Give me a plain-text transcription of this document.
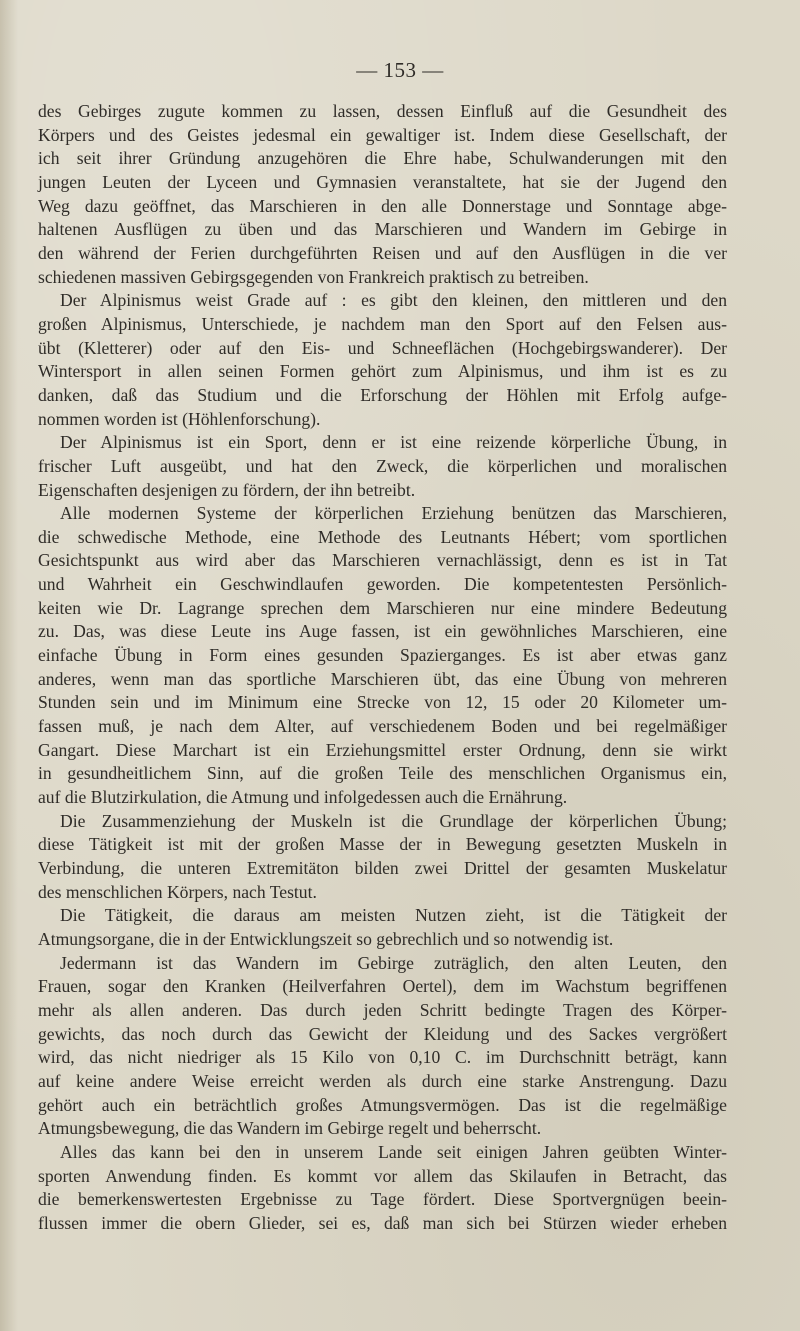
— 153 —
des Gebirges zugute kommen zu lassen, dessen Einfluß auf die Gesundheit des
Körpers und des Geistes jedesmal ein gewaltiger ist. Indem diese Gesellschaft, der
ich seit ihrer Gründung anzugehören die Ehre habe, Schulwanderungen mit den
jungen Leuten der Lyceen und Gymnasien veranstaltete, hat sie der Jugend den
Weg dazu geöffnet, das Marschieren in den alle Donnerstage und Sonntage abge-
haltenen Ausflügen zu üben und das Marschieren und Wandern im Gebirge in
den während der Ferien durchgeführten Reisen und auf den Ausflügen in die ver
schiedenen massiven Gebirgsgegenden von Frankreich praktisch zu betreiben.
Der Alpinismus weist Grade auf : es gibt den kleinen, den mittleren und den
großen Alpinismus, Unterschiede, je nachdem man den Sport auf den Felsen aus-
übt (Kletterer) oder auf den Eis- und Schneeflächen (Hochgebirgswanderer). Der
Wintersport in allen seinen Formen gehört zum Alpinismus, und ihm ist es zu
danken, daß das Studium und die Erforschung der Höhlen mit Erfolg aufge-
nommen worden ist (Höhlenforschung).
Der Alpinismus ist ein Sport, denn er ist eine reizende körperliche Übung, in
frischer Luft ausgeübt, und hat den Zweck, die körperlichen und moralischen
Eigenschaften desjenigen zu fördern, der ihn betreibt.
Alle modernen Systeme der körperlichen Erziehung benützen das Marschieren,
die schwedische Methode, eine Methode des Leutnants Hébert; vom sportlichen
Gesichtspunkt aus wird aber das Marschieren vernachlässigt, denn es ist in Tat
und Wahrheit ein Geschwindlaufen geworden. Die kompetentesten Persönlich-
keiten wie Dr. Lagrange sprechen dem Marschieren nur eine mindere Bedeutung
zu. Das, was diese Leute ins Auge fassen, ist ein gewöhnliches Marschieren, eine
einfache Übung in Form eines gesunden Spazierganges. Es ist aber etwas ganz
anderes, wenn man das sportliche Marschieren übt, das eine Übung von mehreren
Stunden sein und im Minimum eine Strecke von 12, 15 oder 20 Kilometer um-
fassen muß, je nach dem Alter, auf verschiedenem Boden und bei regelmäßiger
Gangart. Diese Marchart ist ein Erziehungsmittel erster Ordnung, denn sie wirkt
in gesundheitlichem Sinn, auf die großen Teile des menschlichen Organismus ein,
auf die Blutzirkulation, die Atmung und infolgedessen auch die Ernährung.
Die Zusammenziehung der Muskeln ist die Grundlage der körperlichen Übung;
diese Tätigkeit ist mit der großen Masse der in Bewegung gesetzten Muskeln in
Verbindung, die unteren Extremitäton bilden zwei Drittel der gesamten Muskelatur
des menschlichen Körpers, nach Testut.
Die Tätigkeit, die daraus am meisten Nutzen zieht, ist die Tätigkeit der
Atmungsorgane, die in der Entwicklungszeit so gebrechlich und so notwendig ist.
Jedermann ist das Wandern im Gebirge zuträglich, den alten Leuten, den
Frauen, sogar den Kranken (Heilverfahren Oertel), dem im Wachstum begriffenen
mehr als allen anderen. Das durch jeden Schritt bedingte Tragen des Körper-
gewichts, das noch durch das Gewicht der Kleidung und des Sackes vergrößert
wird, das nicht niedriger als 15 Kilo von 0,10 C. im Durchschnitt beträgt, kann
auf keine andere Weise erreicht werden als durch eine starke Anstrengung. Dazu
gehört auch ein beträchtlich großes Atmungsvermögen. Das ist die regelmäßige
Atmungsbewegung, die das Wandern im Gebirge regelt und beherrscht.
Alles das kann bei den in unserem Lande seit einigen Jahren geübten Winter-
sporten Anwendung finden. Es kommt vor allem das Skilaufen in Betracht, das
die bemerkenswertesten Ergebnisse zu Tage fördert. Diese Sportvergnügen beein-
flussen immer die obern Glieder, sei es, daß man sich bei Stürzen wieder erheben
